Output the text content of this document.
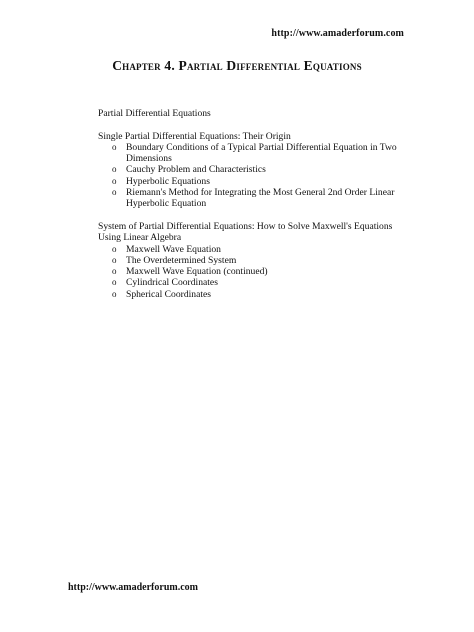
http://www.amaderforum.com
Chapter 4. Partial Differential Equations

Partial Differential Equations

Single Partial Differential Equations: Their Origin

o Boundary Conditions of a Typical Partial Differential Equation in Two Dimensions
o Cauchy Problem and Characteristics
o Hyperbolic Equations
o Riemann's Method for Integrating the Most General 2nd Order Linear Hyperbolic Equation

System of Partial Differential Equations: How to Solve Maxwell's Equations Using Linear Algebra

o Maxwell Wave Equation
o The Overdetermined System
o Maxwell Wave Equation (continued)
o Cylindrical Coordinates
o Spherical Coordinates
http://www.amaderforum.com
